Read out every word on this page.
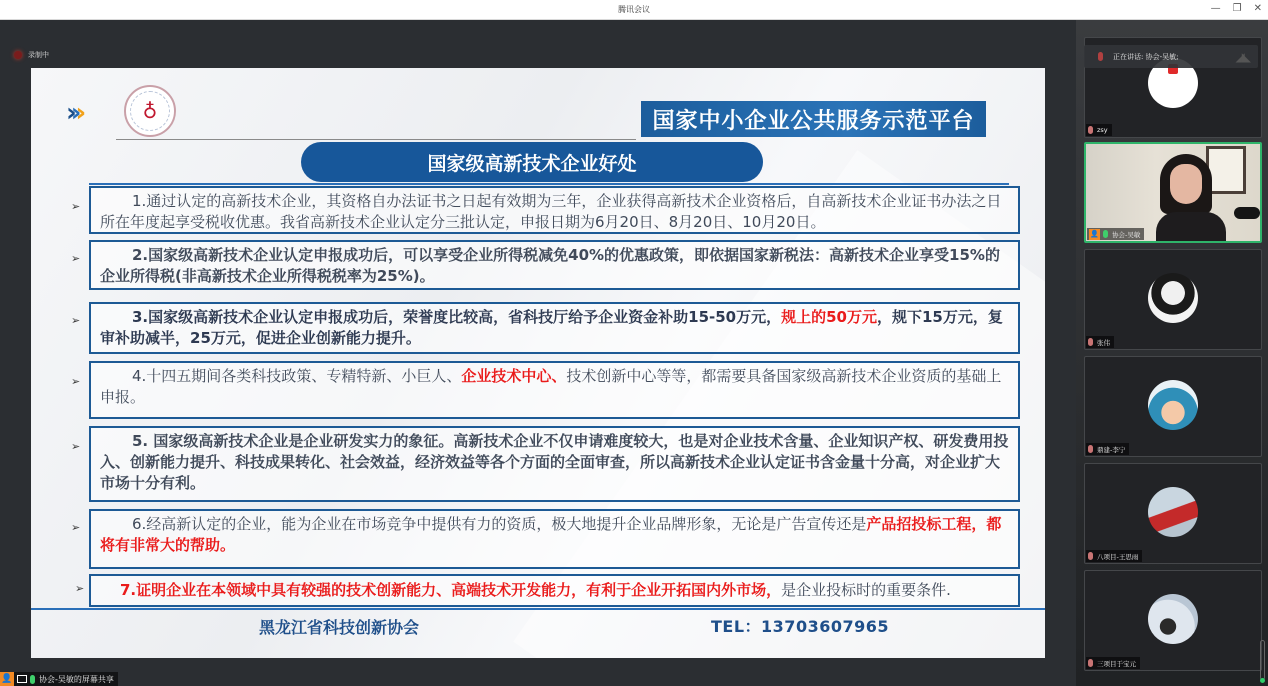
腾讯会议	— ❐ ✕
录制中
›››	♁	国家中小企业公共服务示范平台
国家级高新技术企业好处
➢	1.通过认定的高新技术企业，其资格自办法证书之日起有效期为三年，企业获得高新技术企业资格后，自高新技术企业证书办法之日所在年度起享受税收优惠。我省高新技术企业认定分三批认定，申报日期为6月20日、8月20日、10月20日。
➢	2.国家级高新技术企业认定申报成功后，可以享受企业所得税减免40%的优惠政策，即依据国家新税法：高新技术企业享受15%的企业所得税(非高新技术企业所得税税率为25%)。
➢	3.国家级高新技术企业认定申报成功后，荣誉度比较高，省科技厅给予企业资金补助15-50万元，规上的50万元，规下15万元，复审补助减半，25万元，促进企业创新能力提升。
➢	4.十四五期间各类科技政策、专精特新、小巨人、企业技术中心、技术创新中心等等，都需要具备国家级高新技术企业资质的基础上申报。
➢	5. 国家级高新技术企业是企业研发实力的象征。高新技术企业不仅申请难度较大，也是对企业技术含量、企业知识产权、研发费用投入、创新能力提升、科技成果转化、社会效益，经济效益等各个方面的全面审查，所以高新技术企业认定证书含金量十分高，对企业扩大市场十分有利。
➢	6.经高新认定的企业，能为企业在市场竞争中提供有力的资质，极大地提升企业品牌形象，无论是广告宣传还是产品招投标工程，都将有非常大的帮助。
➢	7.证明企业在本领域中具有较强的技术创新能力、高端技术开发能力，有利于企业开拓国内外市场，是企业投标时的重要条件.
黑龙江省科技创新协会	TEL：13703607965
👤	协会-吴敏的屏幕共享
正在讲话: 协会-吴敏;	◢◣
zsy
👤 协会-吴敏
张伟
鼎建-李宁
八项目-王思雨
三项目于宝元
